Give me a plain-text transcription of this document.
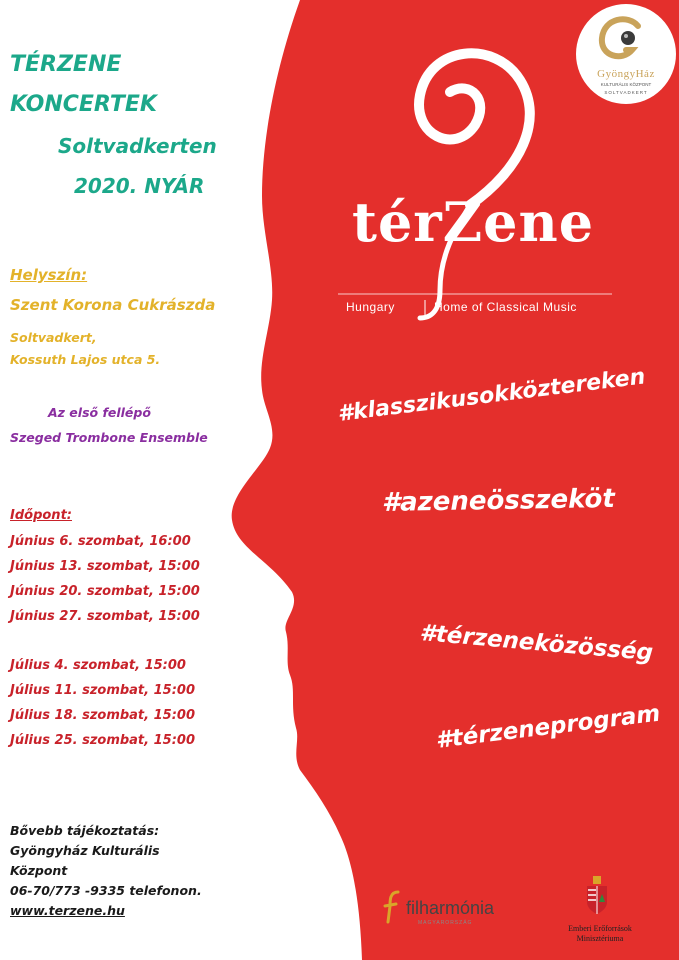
TÉRZENE

KONCERTEK

Soltvadkerten

2020. NYÁR

Helyszín:

Szent Korona Cukrászda

Soltvadkert,

Kossuth Lajos utca 5.

Az első fellépő

Szeged Trombone Ensemble

Időpont:

Június 6. szombat, 16:00

Június 13. szombat, 15:00

Június 20. szombat, 15:00

Június 27. szombat, 15:00

Július 4. szombat, 15:00

Július 11. szombat, 15:00

Július 18. szombat, 15:00

Július 25. szombat, 15:00

Bővebb tájékoztatás:

Gyöngyház Kulturális

Központ

06-70/773 -9335 telefonon.

www.terzene.hu
térZene
Hungary	Home of Classical Music
#klasszikusokköztereken
#azeneösszeköt
#térzeneközösség
#térzeneprogram
GyöngyHáz
KULTURÁLIS KÖZPONT
SOLTVADKERT
filharmónia
MAGYARORSZÁG
Emberi Erőforrások
Minisztériuma
